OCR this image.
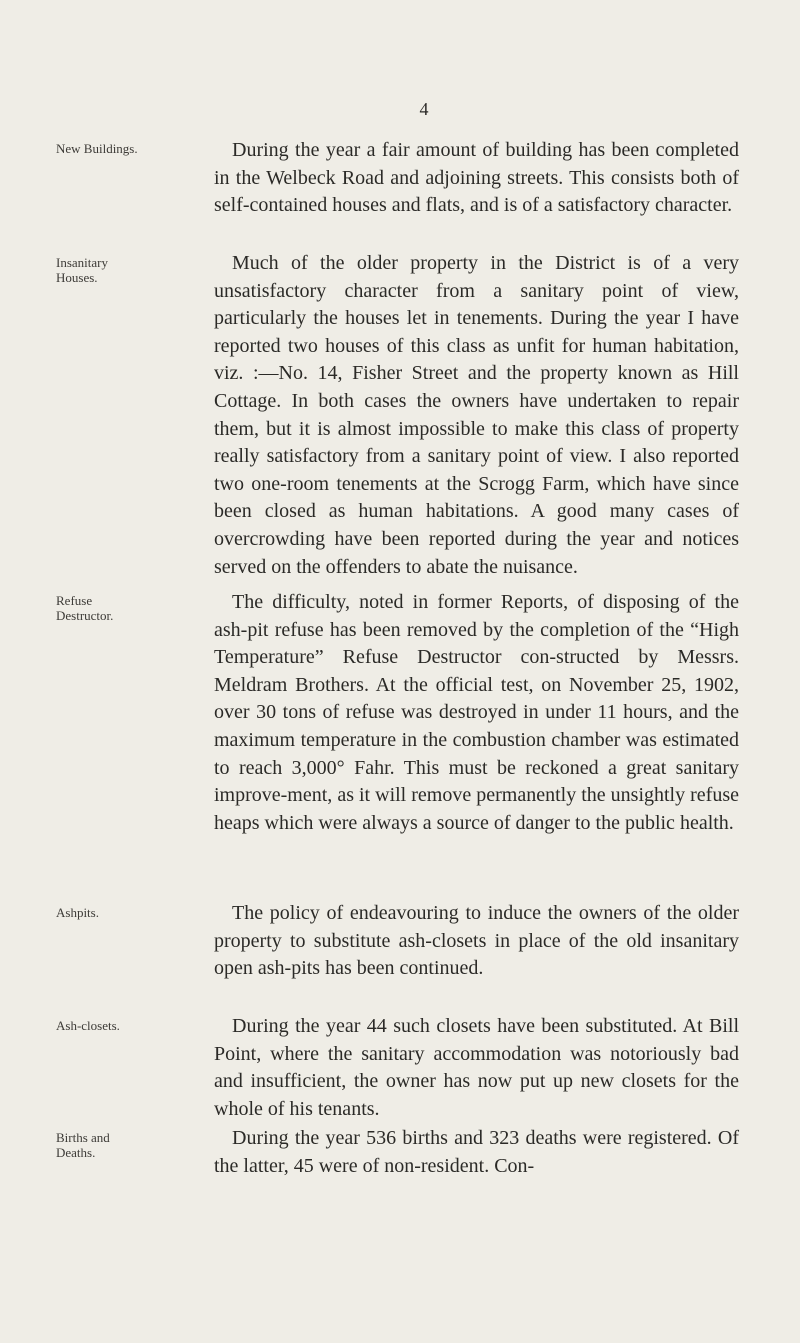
4
New Buildings.	During the year a fair amount of building has been completed in the Welbeck Road and adjoining streets. This consists both of self-contained houses and flats, and is of a satisfactory character.

Insanitary Houses.

Much of the older property in the District is of a very unsatisfactory character from a sanitary point of view, particularly the houses let in tenements. During the year I have reported two houses of this class as unfit for human habitation, viz. :—No. 14, Fisher Street and the property known as Hill Cottage. In both cases the owners have undertaken to repair them, but it is almost impossible to make this class of property really satisfactory from a sanitary point of view. I also reported two one-room tenements at the Scrogg Farm, which have since been closed as human habitations. A good many cases of overcrowding have been reported during the year and notices served on the offenders to abate the nuisance.

Refuse Destructor.

The difficulty, noted in former Reports, of disposing of the ash-pit refuse has been removed by the completion of the “High Temperature” Refuse Destructor con-structed by Messrs. Meldram Brothers. At the official test, on November 25, 1902, over 30 tons of refuse was destroyed in under 11 hours, and the maximum temperature in the combustion chamber was estimated to reach 3,000° Fahr. This must be reckoned a great sanitary improve-ment, as it will remove permanently the unsightly refuse heaps which were always a source of danger to the public health.

Ashpits.	The policy of endeavouring to induce the owners of the older property to substitute ash-closets in place of the old insanitary open ash-pits has been continued.

Ash-closets.	During the year 44 such closets have been substituted. At Bill Point, where the sanitary accommodation was notoriously bad and insufficient, the owner has now put up new closets for the whole of his tenants.

Births and Deaths.

During the year 536 births and 323 deaths were registered. Of the latter, 45 were of non-resident. Con-
